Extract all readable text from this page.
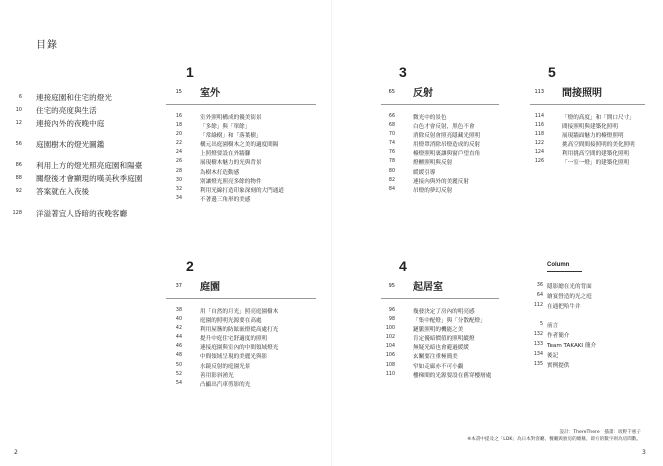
目錄
6 連接庭園和住宅的燈光
10 住宅的亮度與生活
12 連接內外的夜晚中庭
56 庭園樹木的燈光圖鑑
86 利用上方的燈光照亮庭園和陽臺
88 關燈後才會顯現的嘆美秋季庭園
92 答案就在入夜後
128 洋溢著宜人昏暗的夜晚客廳
1
15 室外
16	室外照明構成的優美街景
18	「多餘」與「單餘」
20	「常綠樹」和「落葉樹」
22	構元出庭園樹木之美的適度間隔
24	上照燈要設在外牆腳
26	展現樹木魅力的光與背景
28	為樹木打造動感
30	別讓燈光照亮多餘的物件
32	利用光線打造印象深刻的大門通道
34	不著邊三角形的美感
3
65 反射
66	微光中的景色
68	白色才會反射，黑色不會
70	消除反射會照亮隱藏光照明
74	用燈罩消除吊燈造成的反射
76	檯燈照明裏讓與窗戶望直角
78	燈櫃照明與反射
80	緩緩引導
82	連接內與外的美麗反射
84	吊燈的夢幻反射
5
113 間接照明
114	「燈的高度」和「開口尺寸」
116	間接照明與建築化照明
118	展現牆面魅力的檯燈照明
122	挑高空間間接照明的美化照明
124	利用挑高空間的建築化照明
126	「一室一燈」的建築化照明
2
37 庭園
38	用「自然的月光」照亮庭園樹木
40	庭園的照明光源要在高處
42	利用屋簷的防眩嵌燈從高處打光
44	提升中庭住宅舒適度的照明
46	連接庭園與室內的中間領域燈光
48	中間領域呈現的美麗光與影
50	水鏡反射的庭園光景
52	善用影斜湧光
54	凸顯出汽車剪影的光
4
95 起居室
96	幾發決定了房內的明亮感
98	「集中配燈」與「分散配燈」
100	鏈脈照明的機能之美
102	肯定優暗價值的照明縱燈
104	無疑光暗也會避過緩緩
106	玄關要注重極簡美
108	窄如走廊亦不可小覷
110	樓梯間的光源要設在舊穿樓層處
Column
36 隱影總在光的背面
64 繪宴營造的光之庭
112 在通把哈牛并
5 前言
132 作者簡介
133 Team TAKAKI 簡介
134 後記
135 實例提供
設計：ThereThere　插畫：坂野千惠子
※本書中提及之「LDK」為日本對客廳、餐廳與廚房的總稱，即方的數字則為房間數。
2	3
